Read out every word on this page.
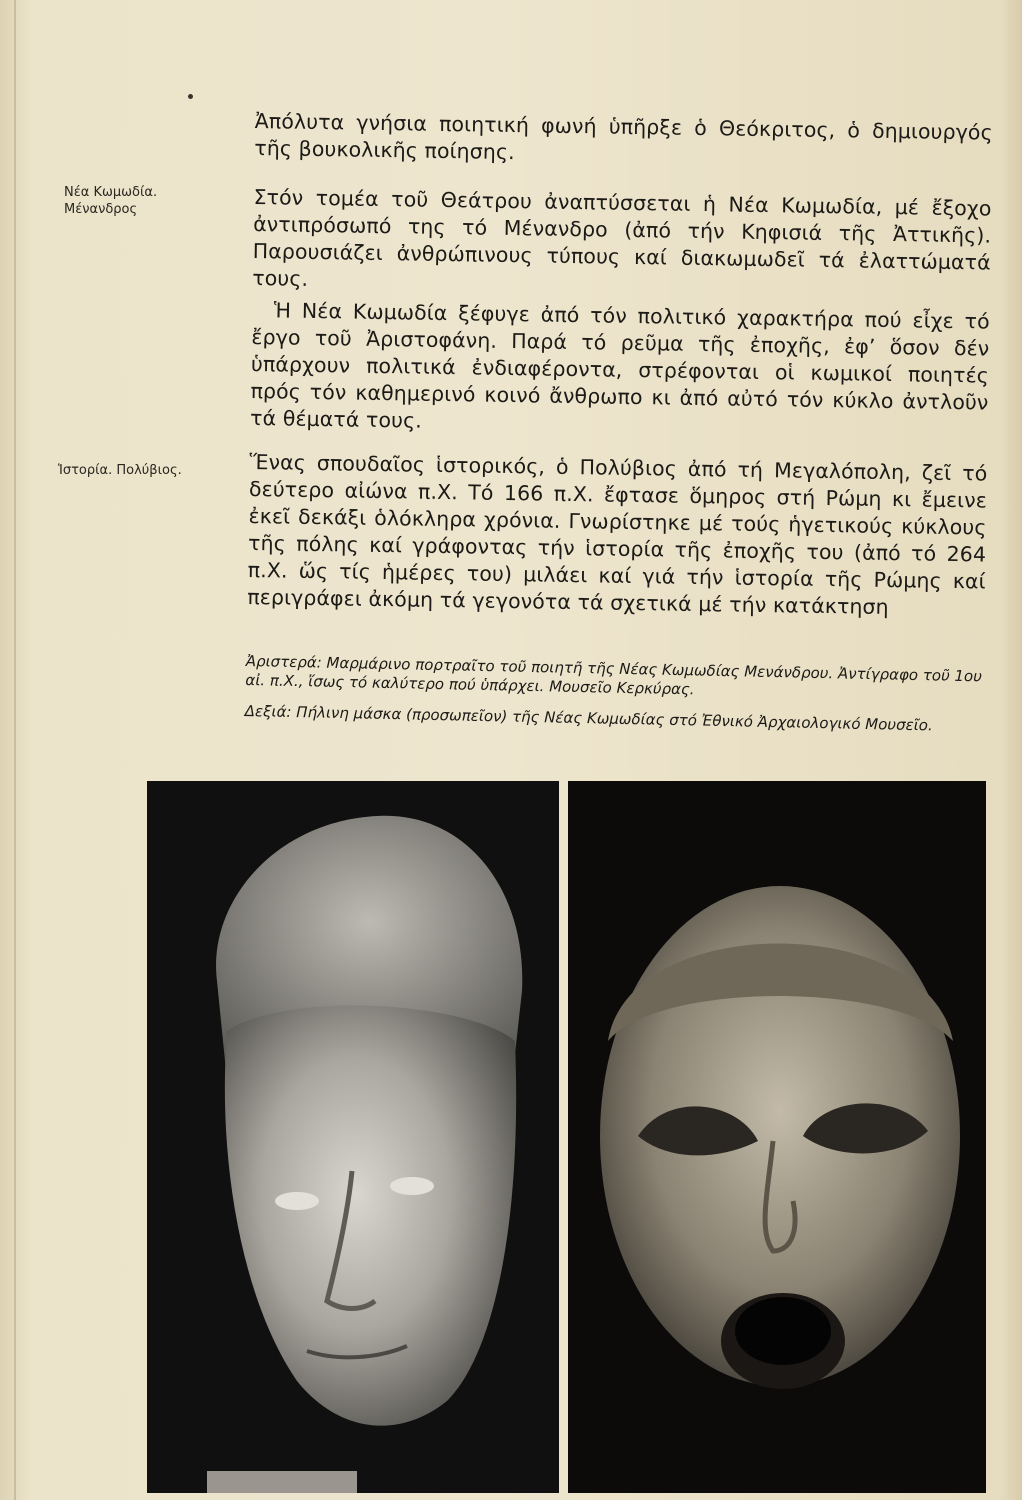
Νέα Κωμωδία. Μένανδρος
Ἱστορία. Πολύβιος.

Ἀπόλυτα γνήσια ποιητική φωνή ὑπῆρξε ὁ Θεόκριτος, ὁ δημιουργός τῆς βουκολικῆς ποίησης.

Στόν τομέα τοῦ Θεάτρου ἀναπτύσσεται ἡ Νέα Κωμωδία, μέ ἔξοχο ἀντιπρόσωπό της τό Μένανδρο (ἀπό τήν Κηφισιά τῆς Ἀττικῆς). Παρουσιάζει ἀνθρώπινους τύπους καί διακωμωδεῖ τά ἐλαττώματά τους.

Ἡ Νέα Κωμωδία ξέφυγε ἀπό τόν πολιτικό χαρακτήρα πού εἶχε τό ἔργο τοῦ Ἀριστοφάνη. Παρά τό ρεῦμα τῆς ἐποχῆς, ἐφ’ ὅσον δέν ὑπάρχουν πολιτικά ἐνδιαφέροντα, στρέφονται οἱ κωμικοί ποιητές πρός τόν καθημερινό κοινό ἄνθρωπο κι ἀπό αὐτό τόν κύκλο ἀντλοῦν τά θέματά τους.

Ἕνας σπουδαῖος ἱστορικός, ὁ Πολύβιος ἀπό τή Μεγαλόπολη, ζεῖ τό δεύτερο αἰώνα π.Χ. Τό 166 π.Χ. ἔφτασε ὅμηρος στή Ρώμη κι ἔμεινε ἐκεῖ δεκάξι ὁλόκληρα χρόνια. Γνωρίστηκε μέ τούς ἡγετικούς κύκλους τῆς πόλης καί γράφοντας τήν ἱστορία τῆς ἐποχῆς του (ἀπό τό 264 π.Χ. ὥς τίς ἡμέρες του) μιλάει καί γιά τήν ἱστορία τῆς Ρώμης καί περιγράφει ἀκόμη τά γεγονότα τά σχετικά μέ τήν κατάκτηση

Ἀριστερά: Μαρμάρινο πορτραῖτο τοῦ ποιητῆ τῆς Νέας Κωμωδίας Μενάνδρου. Ἀντίγραφο τοῦ 1ου αἰ. π.Χ., ἴσως τό καλύτερο πού ὑπάρχει. Μουσεῖο Κερκύρας.

Δεξιά: Πήλινη μάσκα (προσωπεῖον) τῆς Νέας Κωμωδίας στό Ἐθνικό Ἀρχαιολογικό Μουσεῖο.
